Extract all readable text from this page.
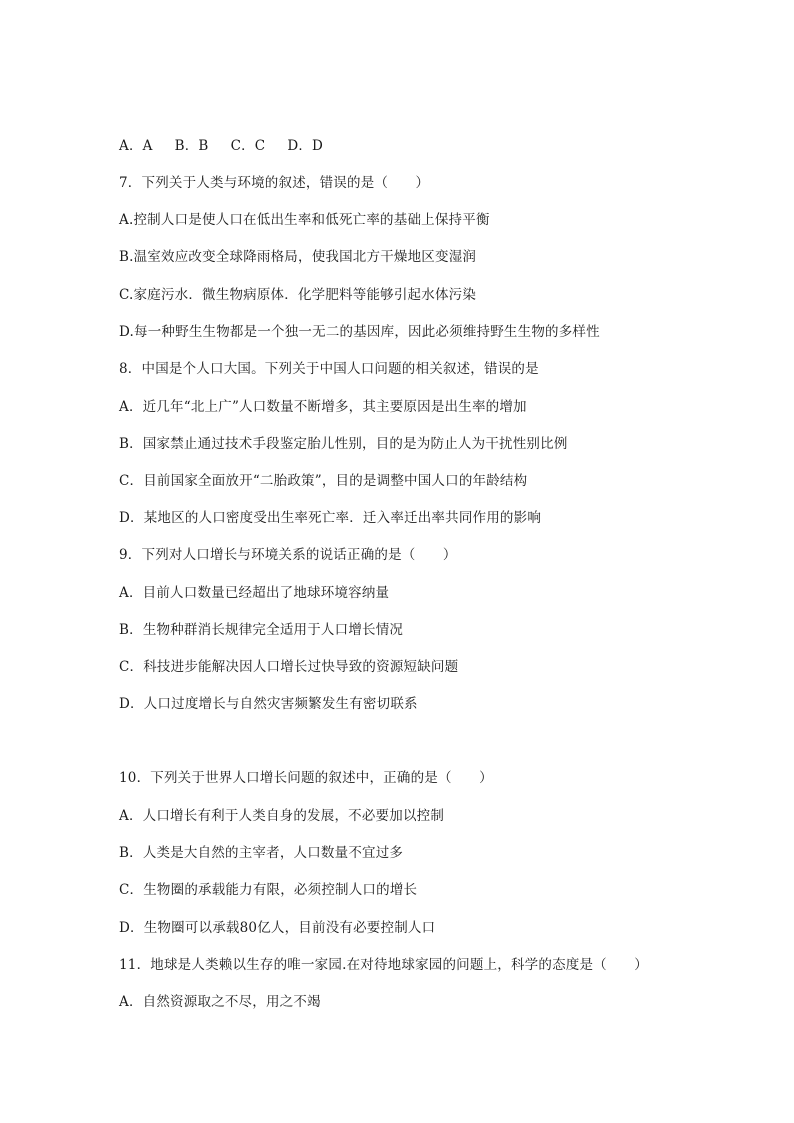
A．A B．B C．C D．D
7．下列关于人类与环境的叙述，错误的是（　　）
A.控制人口是使人口在低出生率和低死亡率的基础上保持平衡
B.温室效应改变全球降雨格局，使我国北方干燥地区变湿润
C.家庭污水．微生物病原体．化学肥料等能够引起水体污染
D.每一种野生生物都是一个独一无二的基因库，因此必须维持野生生物的多样性
8．中国是个人口大国。下列关于中国人口问题的相关叙述，错误的是
A．近几年“北上广”人口数量不断增多，其主要原因是出生率的增加
B．国家禁止通过技术手段鉴定胎儿性别，目的是为防止人为干扰性别比例
C．目前国家全面放开“二胎政策”，目的是调整中国人口的年龄结构
D．某地区的人口密度受出生率死亡率．迁入率迁出率共同作用的影响
9．下列对人口增长与环境关系的说话正确的是（　　）
A．目前人口数量已经超出了地球环境容纳量
B．生物种群消长规律完全适用于人口增长情况
C．科技进步能解决因人口增长过快导致的资源短缺问题
D．人口过度增长与自然灾害频繁发生有密切联系
10．下列关于世界人口增长问题的叙述中，正确的是（　　）
A．人口增长有利于人类自身的发展，不必要加以控制
B．人类是大自然的主宰者，人口数量不宜过多
C．生物圈的承载能力有限，必须控制人口的增长
D．生物圈可以承载80亿人，目前没有必要控制人口
11．地球是人类赖以生存的唯一家园.在对待地球家园的问题上，科学的态度是（　　）
A．自然资源取之不尽，用之不竭
